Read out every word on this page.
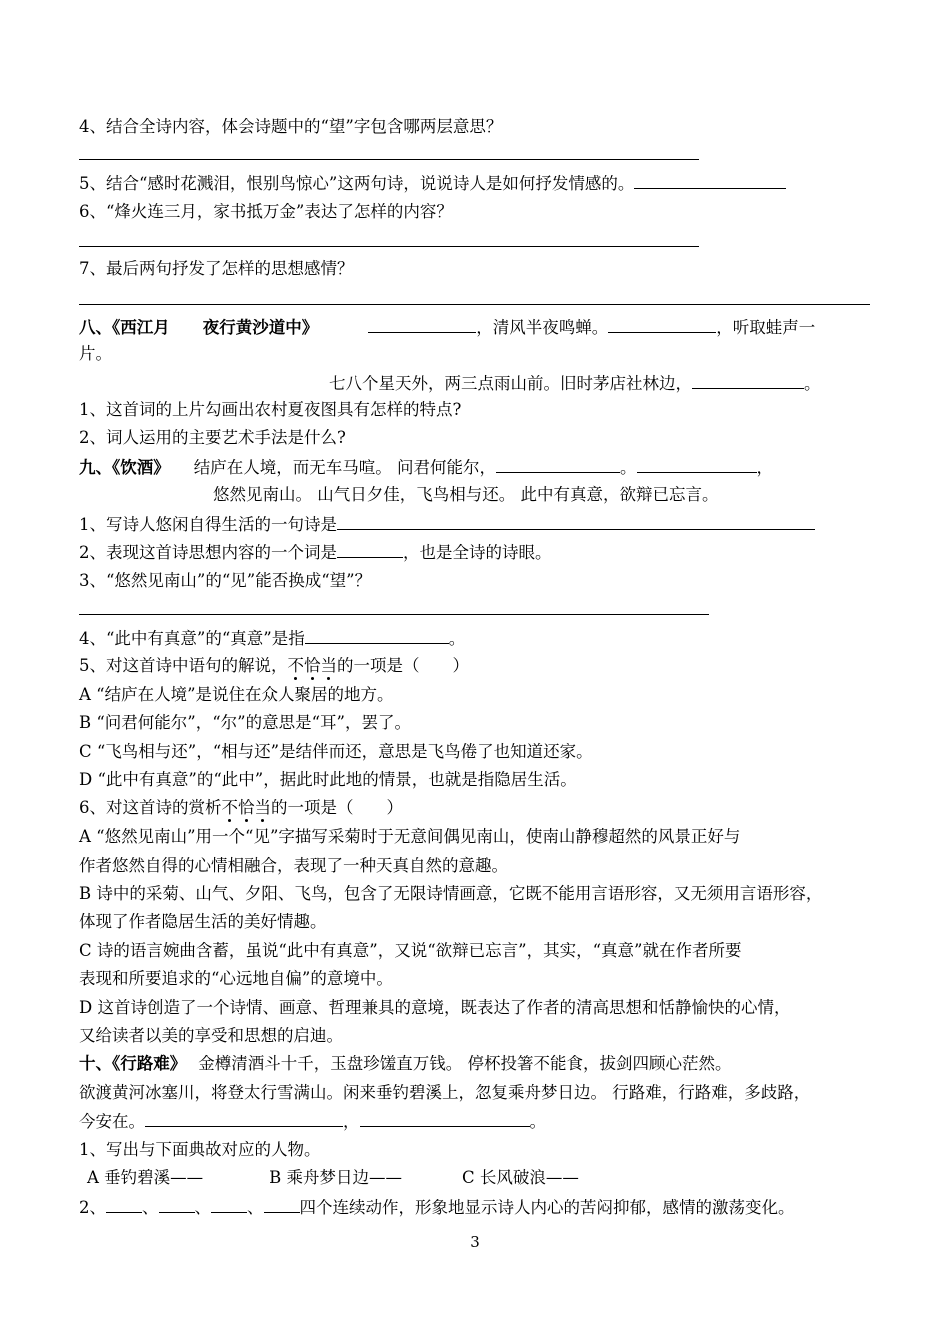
4、结合全诗内容，体会诗题中的“望”字包含哪两层意思？
5、结合“感时花溅泪，恨别鸟惊心”这两句诗，说说诗人是如何抒发情感的。
6、“烽火连三月，家书抵万金”表达了怎样的内容？
7、最后两句抒发了怎样的思想感情？
八、《西江月　　夜行黄沙道中》	，清风半夜鸣蝉。	，听取蛙声一
片。
七八个星天外，两三点雨山前。旧时茅店社林边，	。
1、这首词的上片勾画出农村夏夜图具有怎样的特点?
2、词人运用的主要艺术手法是什么?
九、《饮酒》 结庐在人境，而无车马喧。 问君何能尔，	。	，
悠然见南山。 山气日夕佳，飞鸟相与还。 此中有真意，欲辩已忘言。
1、写诗人悠闲自得生活的一句诗是
2、表现这首诗思想内容的一个词是	，也是全诗的诗眼。
3、“悠然见南山”的“见”能否换成“望”？
4、“此中有真意”的“真意”是指	。
5、对这首诗中语句的解说，不恰当的一项是（　　）
A “结庐在人境”是说住在众人聚居的地方。
B “问君何能尔”，“尔”的意思是“耳”，罢了。
C “飞鸟相与还”，“相与还”是结伴而还，意思是飞鸟倦了也知道还家。
D “此中有真意”的“此中”，据此时此地的情景，也就是指隐居生活。
6、对这首诗的赏析不恰当的一项是（　　）
A “悠然见南山”用一个“见”字描写采菊时于无意间偶见南山，使南山静穆超然的风景正好与
作者悠然自得的心情相融合，表现了一种天真自然的意趣。
B 诗中的采菊、山气、夕阳、飞鸟，包含了无限诗情画意，它既不能用言语形容，又无须用言语形容，
体现了作者隐居生活的美好情趣。
C 诗的语言婉曲含蓄，虽说“此中有真意”，又说“欲辩已忘言”，其实，“真意”就在作者所要
表现和所要追求的“心远地自偏”的意境中。
D 这首诗创造了一个诗情、画意、哲理兼具的意境，既表达了作者的清高思想和恬静愉快的心情，
又给读者以美的享受和思想的启迪。
十、《行路难》 金樽清酒斗十千，玉盘珍馐直万钱。 停杯投箸不能食，拔剑四顾心茫然。
欲渡黄河冰塞川，将登太行雪满山。闲来垂钓碧溪上，忽复乘舟梦日边。 行路难，行路难，多歧路，
今安在。	，	。
1、写出与下面典故对应的人物。
A 垂钓碧溪——	B 乘舟梦日边——	C 长风破浪——
2、 、 、 、 四个连续动作，形象地显示诗人内心的苦闷抑郁，感情的激荡变化。
3
